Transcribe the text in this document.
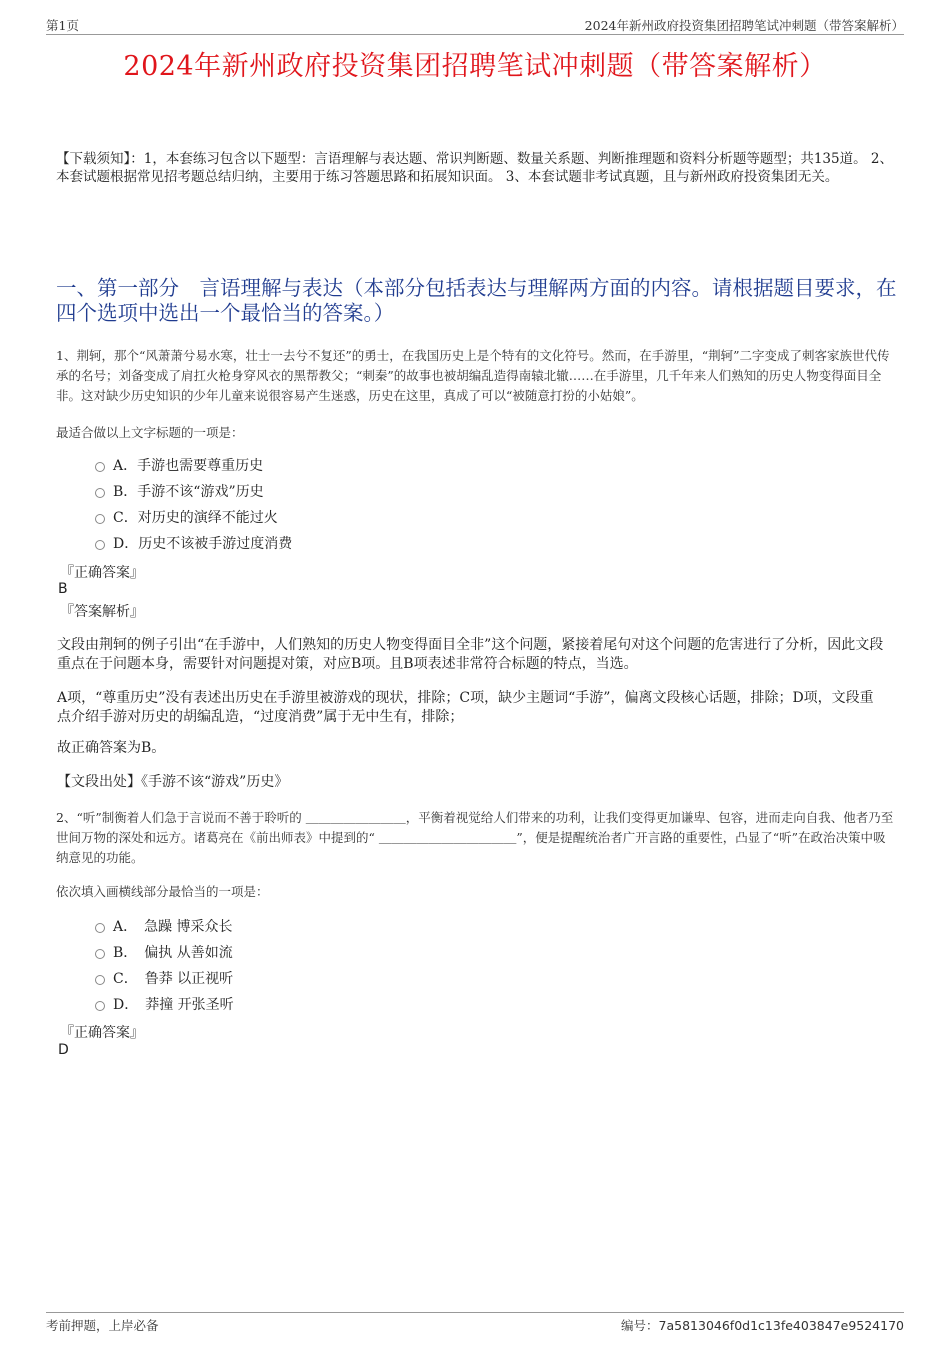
第1页	2024年新州政府投资集团招聘笔试冲刺题（带答案解析）
2024年新州政府投资集团招聘笔试冲刺题（带答案解析）
【下载须知】：1，本套练习包含以下题型：言语理解与表达题、常识判断题、数量关系题、判断推理题和资料分析题等题型；共135道。 2、本套试题根据常见招考题总结归纳，主要用于练习答题思路和拓展知识面。 3、本套试题非考试真题，且与新州政府投资集团无关。
一、第一部分　言语理解与表达（本部分包括表达与理解两方面的内容。请根据题目要求，在四个选项中选出一个最恰当的答案。）
1、荆轲，那个“风萧萧兮易水寒，壮士一去兮不复还”的勇士，在我国历史上是个特有的文化符号。然而，在手游里，“荆轲”二字变成了刺客家族世代传承的名号；刘备变成了肩扛火枪身穿风衣的黑帮教父；“刺秦”的故事也被胡编乱造得南辕北辙……在手游里，几千年来人们熟知的历史人物变得面目全非。这对缺少历史知识的少年儿童来说很容易产生迷惑，历史在这里，真成了可以“被随意打扮的小姑娘”。
最适合做以上文字标题的一项是：
A．手游也需要尊重历史
B．手游不该“游戏”历史
C．对历史的演绎不能过火
D．历史不该被手游过度消费
『正确答案』
B
『答案解析』
文段由荆轲的例子引出“在手游中，人们熟知的历史人物变得面目全非”这个问题，紧接着尾句对这个问题的危害进行了分析，因此文段重点在于问题本身，需要针对问题提对策，对应B项。且B项表述非常符合标题的特点，当选。
A项，“尊重历史”没有表述出历史在手游里被游戏的现状，排除；C项，缺少主题词“手游”，偏离文段核心话题，排除；D项，文段重点介绍手游对历史的胡编乱造，“过度消费”属于无中生有，排除；
故正确答案为B。
【文段出处】《手游不该“游戏”历史》
2、“听”制衡着人们急于言说而不善于聆听的 ＿＿＿＿＿＿＿＿，平衡着视觉给人们带来的功利，让我们变得更加谦卑、包容，进而走向自我、他者乃至世间万物的深处和远方。诸葛亮在《前出师表》中提到的“ ＿＿＿＿＿＿＿＿＿＿＿”，便是提醒统治者广开言路的重要性，凸显了“听”在政治决策中吸纳意见的功能。
依次填入画横线部分最恰当的一项是：
A．　急躁 博采众长
B．　偏执 从善如流
C．　鲁莽 以正视听
D．　莽撞 开张圣听
『正确答案』
D
考前押题，上岸必备	编号：7a5813046f0d1c13fe403847e9524170
